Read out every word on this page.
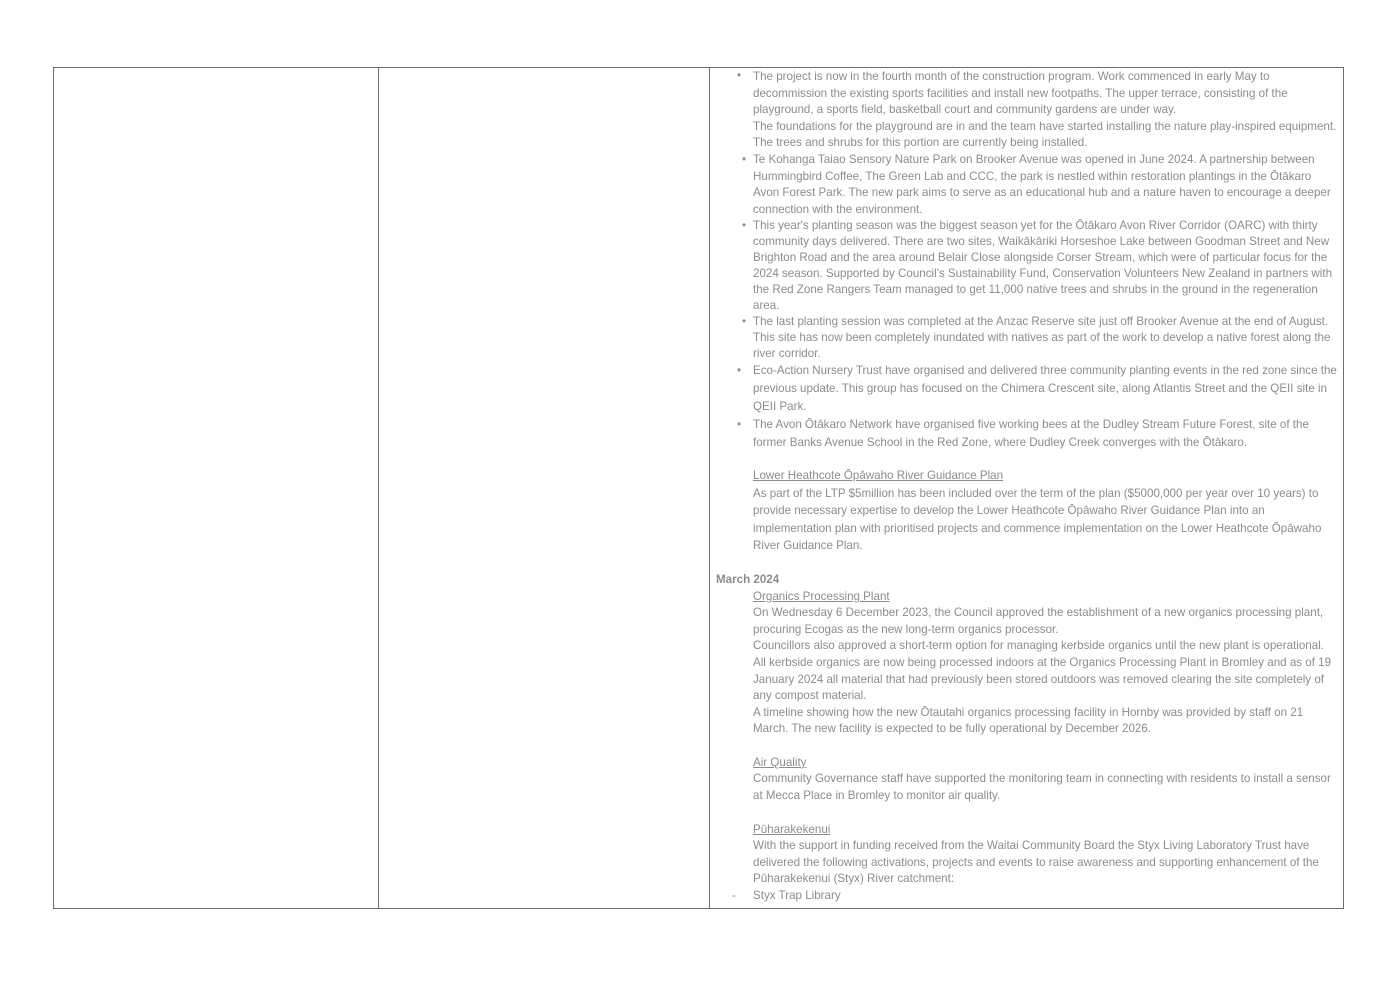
• The project is now in the fourth month of the construction program. Work commenced in early May to decommission the existing sports facilities and install new footpaths. The upper terrace, consisting of the playground, a sports field, basketball court and community gardens are under way.
The foundations for the playground are in and the team have started installing the nature play-inspired equipment. The trees and shrubs for this portion are currently being installed.
• Te Kohanga Taiao Sensory Nature Park on Brooker Avenue was opened in June 2024. A partnership between Hummingbird Coffee, The Green Lab and CCC, the park is nestled within restoration plantings in the Ōtākaro Avon Forest Park. The new park aims to serve as an educational hub and a nature haven to encourage a deeper connection with the environment.
• This year's planting season was the biggest season yet for the Ōtākaro Avon River Corridor (OARC) with thirty community days delivered. There are two sites, Waikākāriki Horseshoe Lake between Goodman Street and New Brighton Road and the area around Belair Close alongside Corser Stream, which were of particular focus for the 2024 season. Supported by Council's Sustainability Fund, Conservation Volunteers New Zealand in partners with the Red Zone Rangers Team managed to get 11,000 native trees and shrubs in the ground in the regeneration area.
• The last planting session was completed at the Anzac Reserve site just off Brooker Avenue at the end of August. This site has now been completely inundated with natives as part of the work to develop a native forest along the river corridor.
• Eco-Action Nursery Trust have organised and delivered three community planting events in the red zone since the previous update. This group has focused on the Chimera Crescent site, along Atlantis Street and the QEII site in QEII Park.
• The Avon Ōtākaro Network have organised five working bees at the Dudley Stream Future Forest, site of the former Banks Avenue School in the Red Zone, where Dudley Creek converges with the Ōtākaro.

Lower Heathcote Ōpāwaho River Guidance Plan

As part of the LTP $5million has been included over the term of the plan ($5000,000 per year over 10 years) to provide necessary expertise to develop the Lower Heathcote Ōpāwaho River Guidance Plan into an implementation plan with prioritised projects and commence implementation on the Lower Heathcote Ōpāwaho River Guidance Plan.

March 2024

Organics Processing Plant

On Wednesday 6 December 2023, the Council approved the establishment of a new organics processing plant, procuring Ecogas as the new long-term organics processor.

Councillors also approved a short-term option for managing kerbside organics until the new plant is operational. All kerbside organics are now being processed indoors at the Organics Processing Plant in Bromley and as of 19 January 2024 all material that had previously been stored outdoors was removed clearing the site completely of any compost material.

A timeline showing how the new Ōtautahi organics processing facility in Hornby was provided by staff on 21 March. The new facility is expected to be fully operational by December 2026.

Air Quality

Community Governance staff have supported the monitoring team in connecting with residents to install a sensor at Mecca Place in Bromley to monitor air quality.

Pūharakekenui

With the support in funding received from the Waitai Community Board the Styx Living Laboratory Trust have delivered the following activations, projects and events to raise awareness and supporting enhancement of the Pūharakekenui (Styx) River catchment:

- Styx Trap Library
